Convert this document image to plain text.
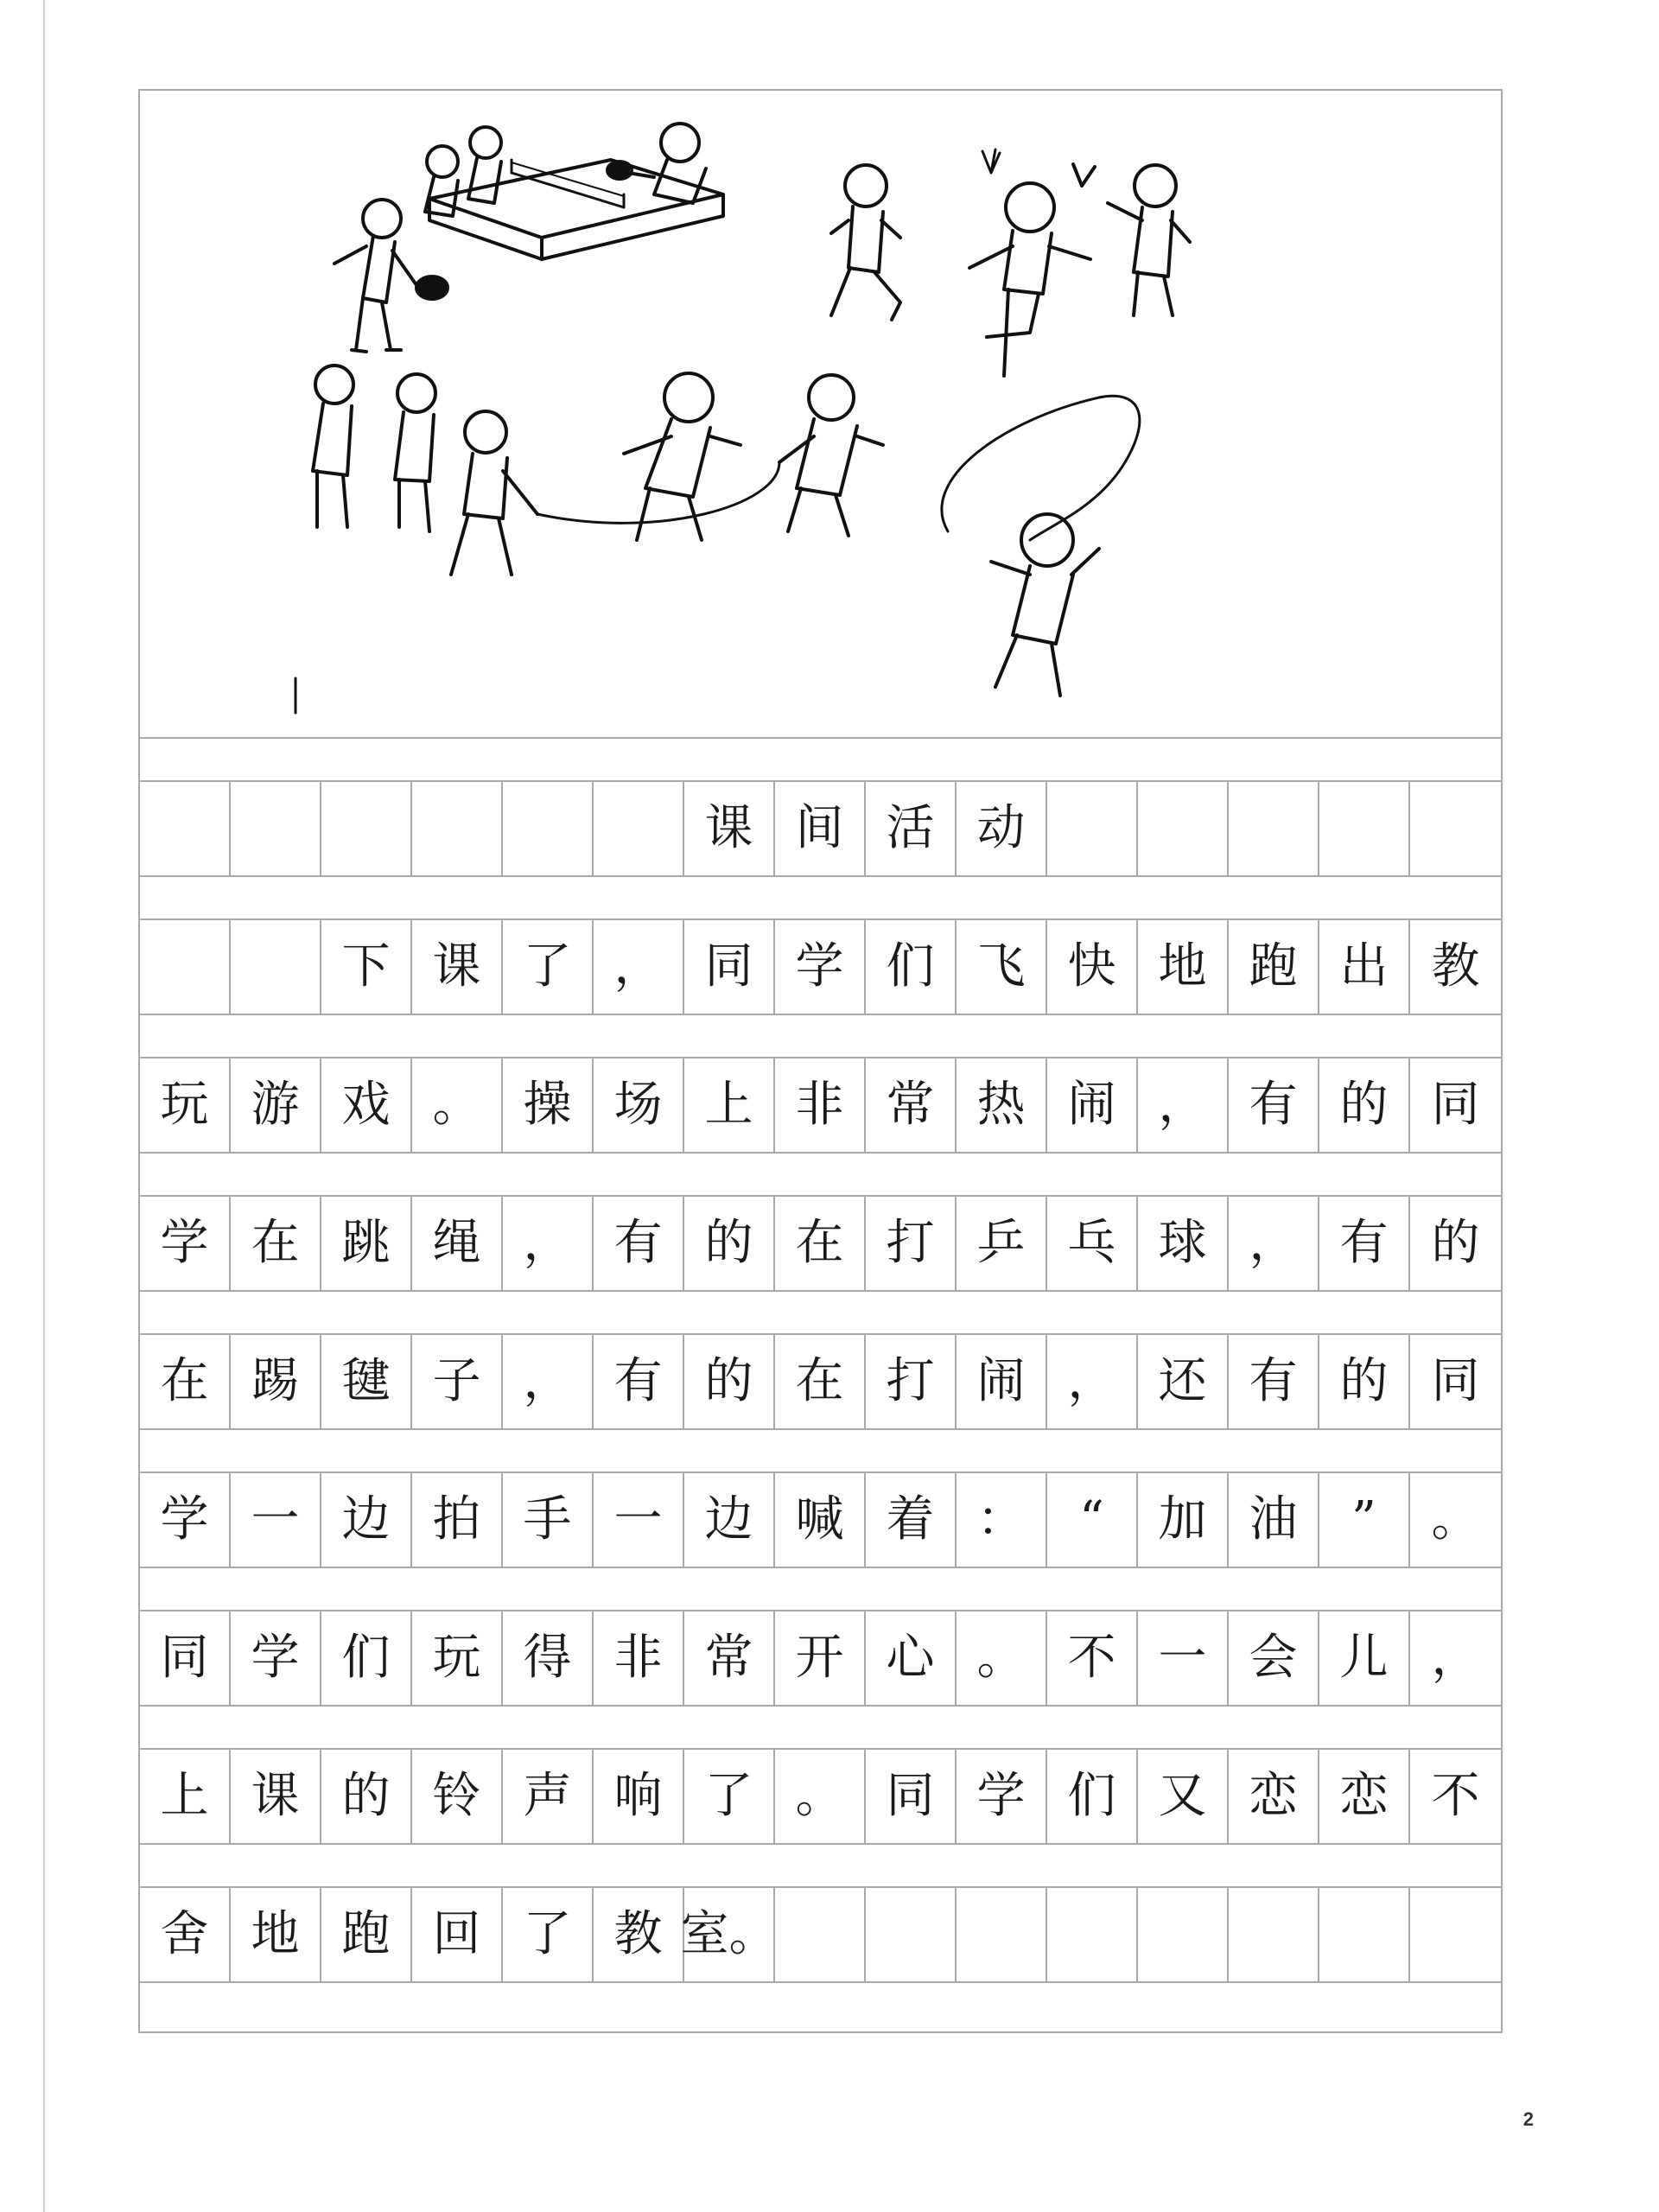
课 间 活 动
下 课 了 ， 同 学 们 飞 快 地 跑 出 教
玩 游 戏 。 操 场 上 非 常 热 闹 ， 有 的 同
学 在 跳 绳 ， 有 的 在 打 乒 乓 球 ， 有 的
在 踢 毽 子 ， 有 的 在 打 闹 ， 还 有 的 同
学 一 边 拍 手 一 边 喊 着 ：	“	加 油	”	。
同 学 们 玩 得 非 常 开 心 。 不 一 会 儿 ，
上 课 的 铃 声 响 了 。 同 学 们 又 恋 恋 不
舍 地 跑 回 了 教 室。
2
